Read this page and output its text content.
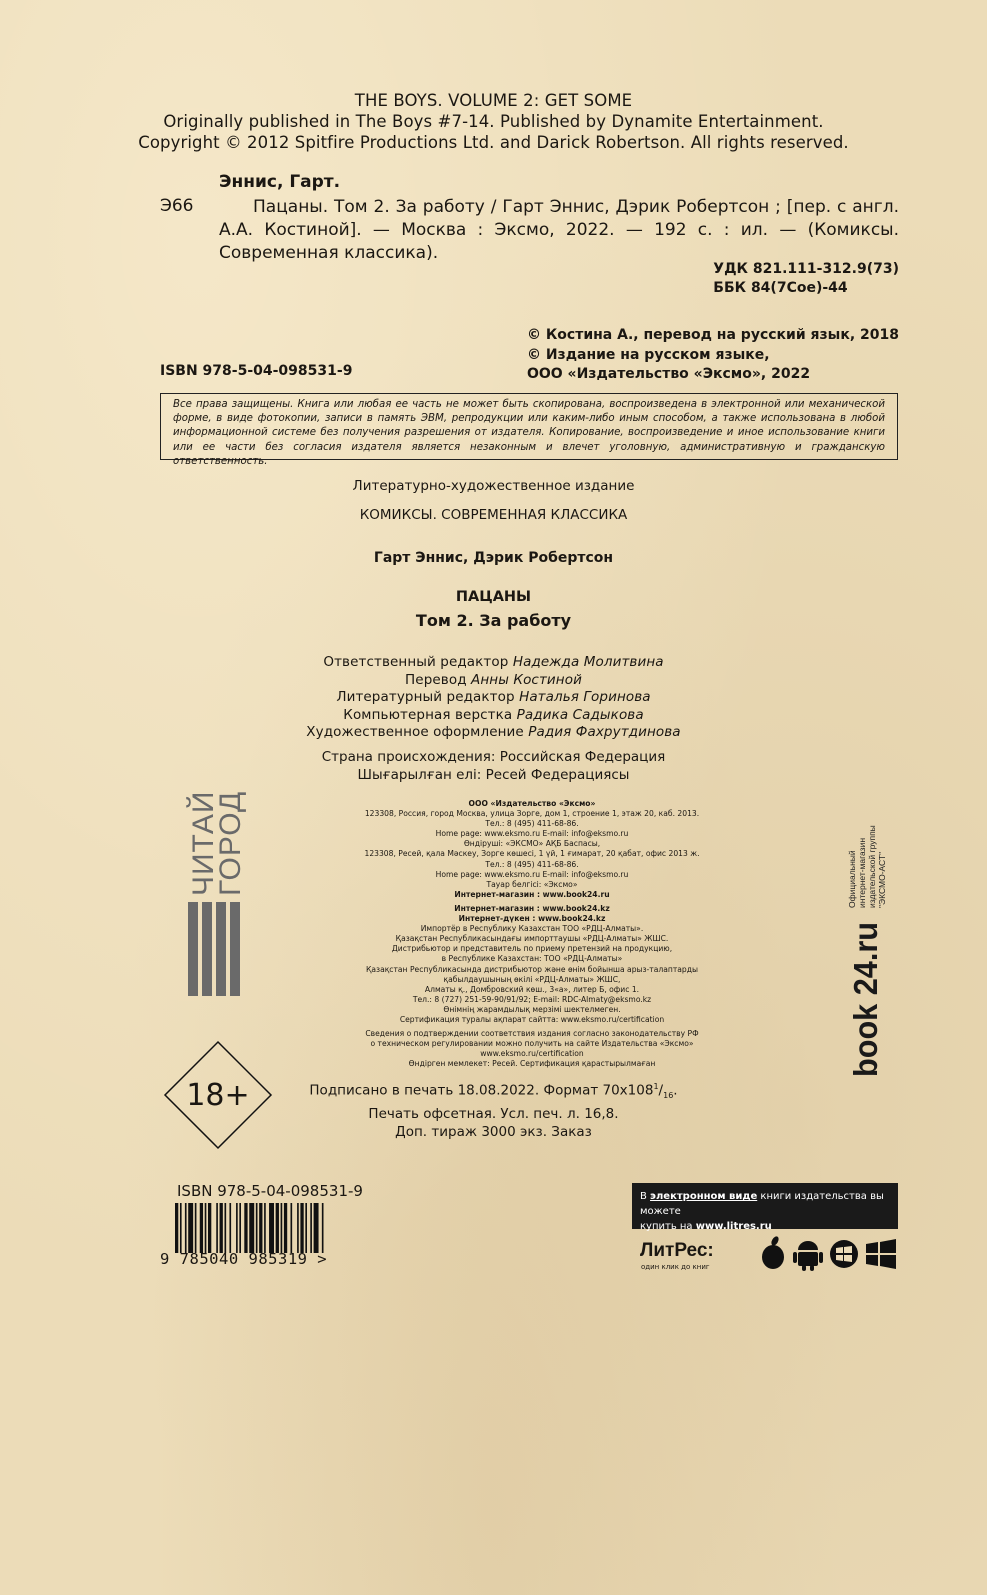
THE BOYS. VOLUME 2: GET SOME
Originally published in The Boys #7-14. Published by Dynamite Entertainment.
Copyright © 2012 Spitfire Productions Ltd. and Darick Robertson. All rights reserved.
Эннис, Гарт.
Э66	Пацаны. Том 2. За работу / Гарт Эннис, Дэрик Робертсон ; [пер. с англ. А.А. Костиной]. — Москва : Эксмо, 2022. — 192 с. : ил. — (Комиксы. Современная классика).
УДК 821.111-312.9(73)
ББК 84(7Сое)-44
© Костина А., перевод на русский язык, 2018
© Издание на русском языке,
ООО «Издательство «Эксмо», 2022
ISBN 978-5-04-098531-9
Все права защищены. Книга или любая ее часть не может быть скопирована, воспроизведена в электронной или механической форме, в виде фотокопии, записи в память ЭВМ, репродукции или каким-либо иным способом, а также использована в любой информационной системе без получения разрешения от издателя. Копирование, воспроизведение и иное использование книги или ее части без согласия издателя является незаконным и влечет уголовную, административную и гражданскую ответственность.
Литературно-художественное издание
КОМИКСЫ. СОВРЕМЕННАЯ КЛАССИКА
Гарт Эннис, Дэрик Робертсон
ПАЦАНЫ
Том 2. За работу
Ответственный редактор Надежда Молитвина
Перевод Анны Костиной
Литературный редактор Наталья Горинова
Компьютерная верстка Радика Садыкова
Художественное оформление Радия Фахрутдинова
Страна происхождения: Российская Федерация
Шығарылған елі: Ресей Федерациясы
ООО «Издательство «Эксмо»
123308, Россия, город Москва, улица Зорге, дом 1, строение 1, этаж 20, каб. 2013.
Тел.: 8 (495) 411-68-86.
Home page: www.eksmo.ru E-mail: info@eksmo.ru
Өндіруші: «ЭКСМО» АҚБ Баспасы,
123308, Ресей, қала Мәскеу, Зорге көшесі, 1 үй, 1 ғимарат, 20 қабат, офис 2013 ж.
Тел.: 8 (495) 411-68-86.
Home page: www.eksmo.ru E-mail: info@eksmo.ru
Тауар белгісі: «Эксмо»
Интернет-магазин : www.book24.ru
Интернет-магазин : www.book24.kz
Интернет-дүкен : www.book24.kz
Импортёр в Республику Казахстан ТОО «РДЦ-Алматы».
Қазақстан Республикасындағы импорттаушы «РДЦ-Алматы» ЖШС.
Дистрибьютор и представитель по приему претензий на продукцию,
в Республике Казахстан: ТОО «РДЦ-Алматы»
Қазақстан Республикасында дистрибьютор және өнім бойынша арыз-талаптарды
қабылдаушының өкілі «РДЦ-Алматы» ЖШС,
Алматы қ., Домбровский көш., 3«а», литер Б, офис 1.
Тел.: 8 (727) 251-59-90/91/92; E-mail: RDC-Almaty@eksmo.kz
Өнімнің жарамдылық мерзімі шектелмеген.
Сертификация туралы ақпарат сайтта: www.eksmo.ru/certification
Сведения о подтверждении соответствия издания согласно законодательству РФ
о техническом регулировании можно получить на сайте Издательства «Эксмо»
www.eksmo.ru/certification
Өндірген мемлекет: Ресей. Сертификация қарастырылмаған
Подписано в печать 18.08.2022. Формат $70x108^1/_{16}$.
Печать офсетная. Усл. печ. л. 16,8.
Доп. тираж 3000 экз. Заказ
ЧИТАЙ
ГОРОД
18+
Официальный интернет-магазин издательской группы "ЭКСМО-АСТ"
book 24.ru
ISBN 978-5-04-098531-9
9 785040 985319 >
В электронном виде книги издательства вы можете
купить на www.litres.ru
ЛитРес:
один клик до книг
